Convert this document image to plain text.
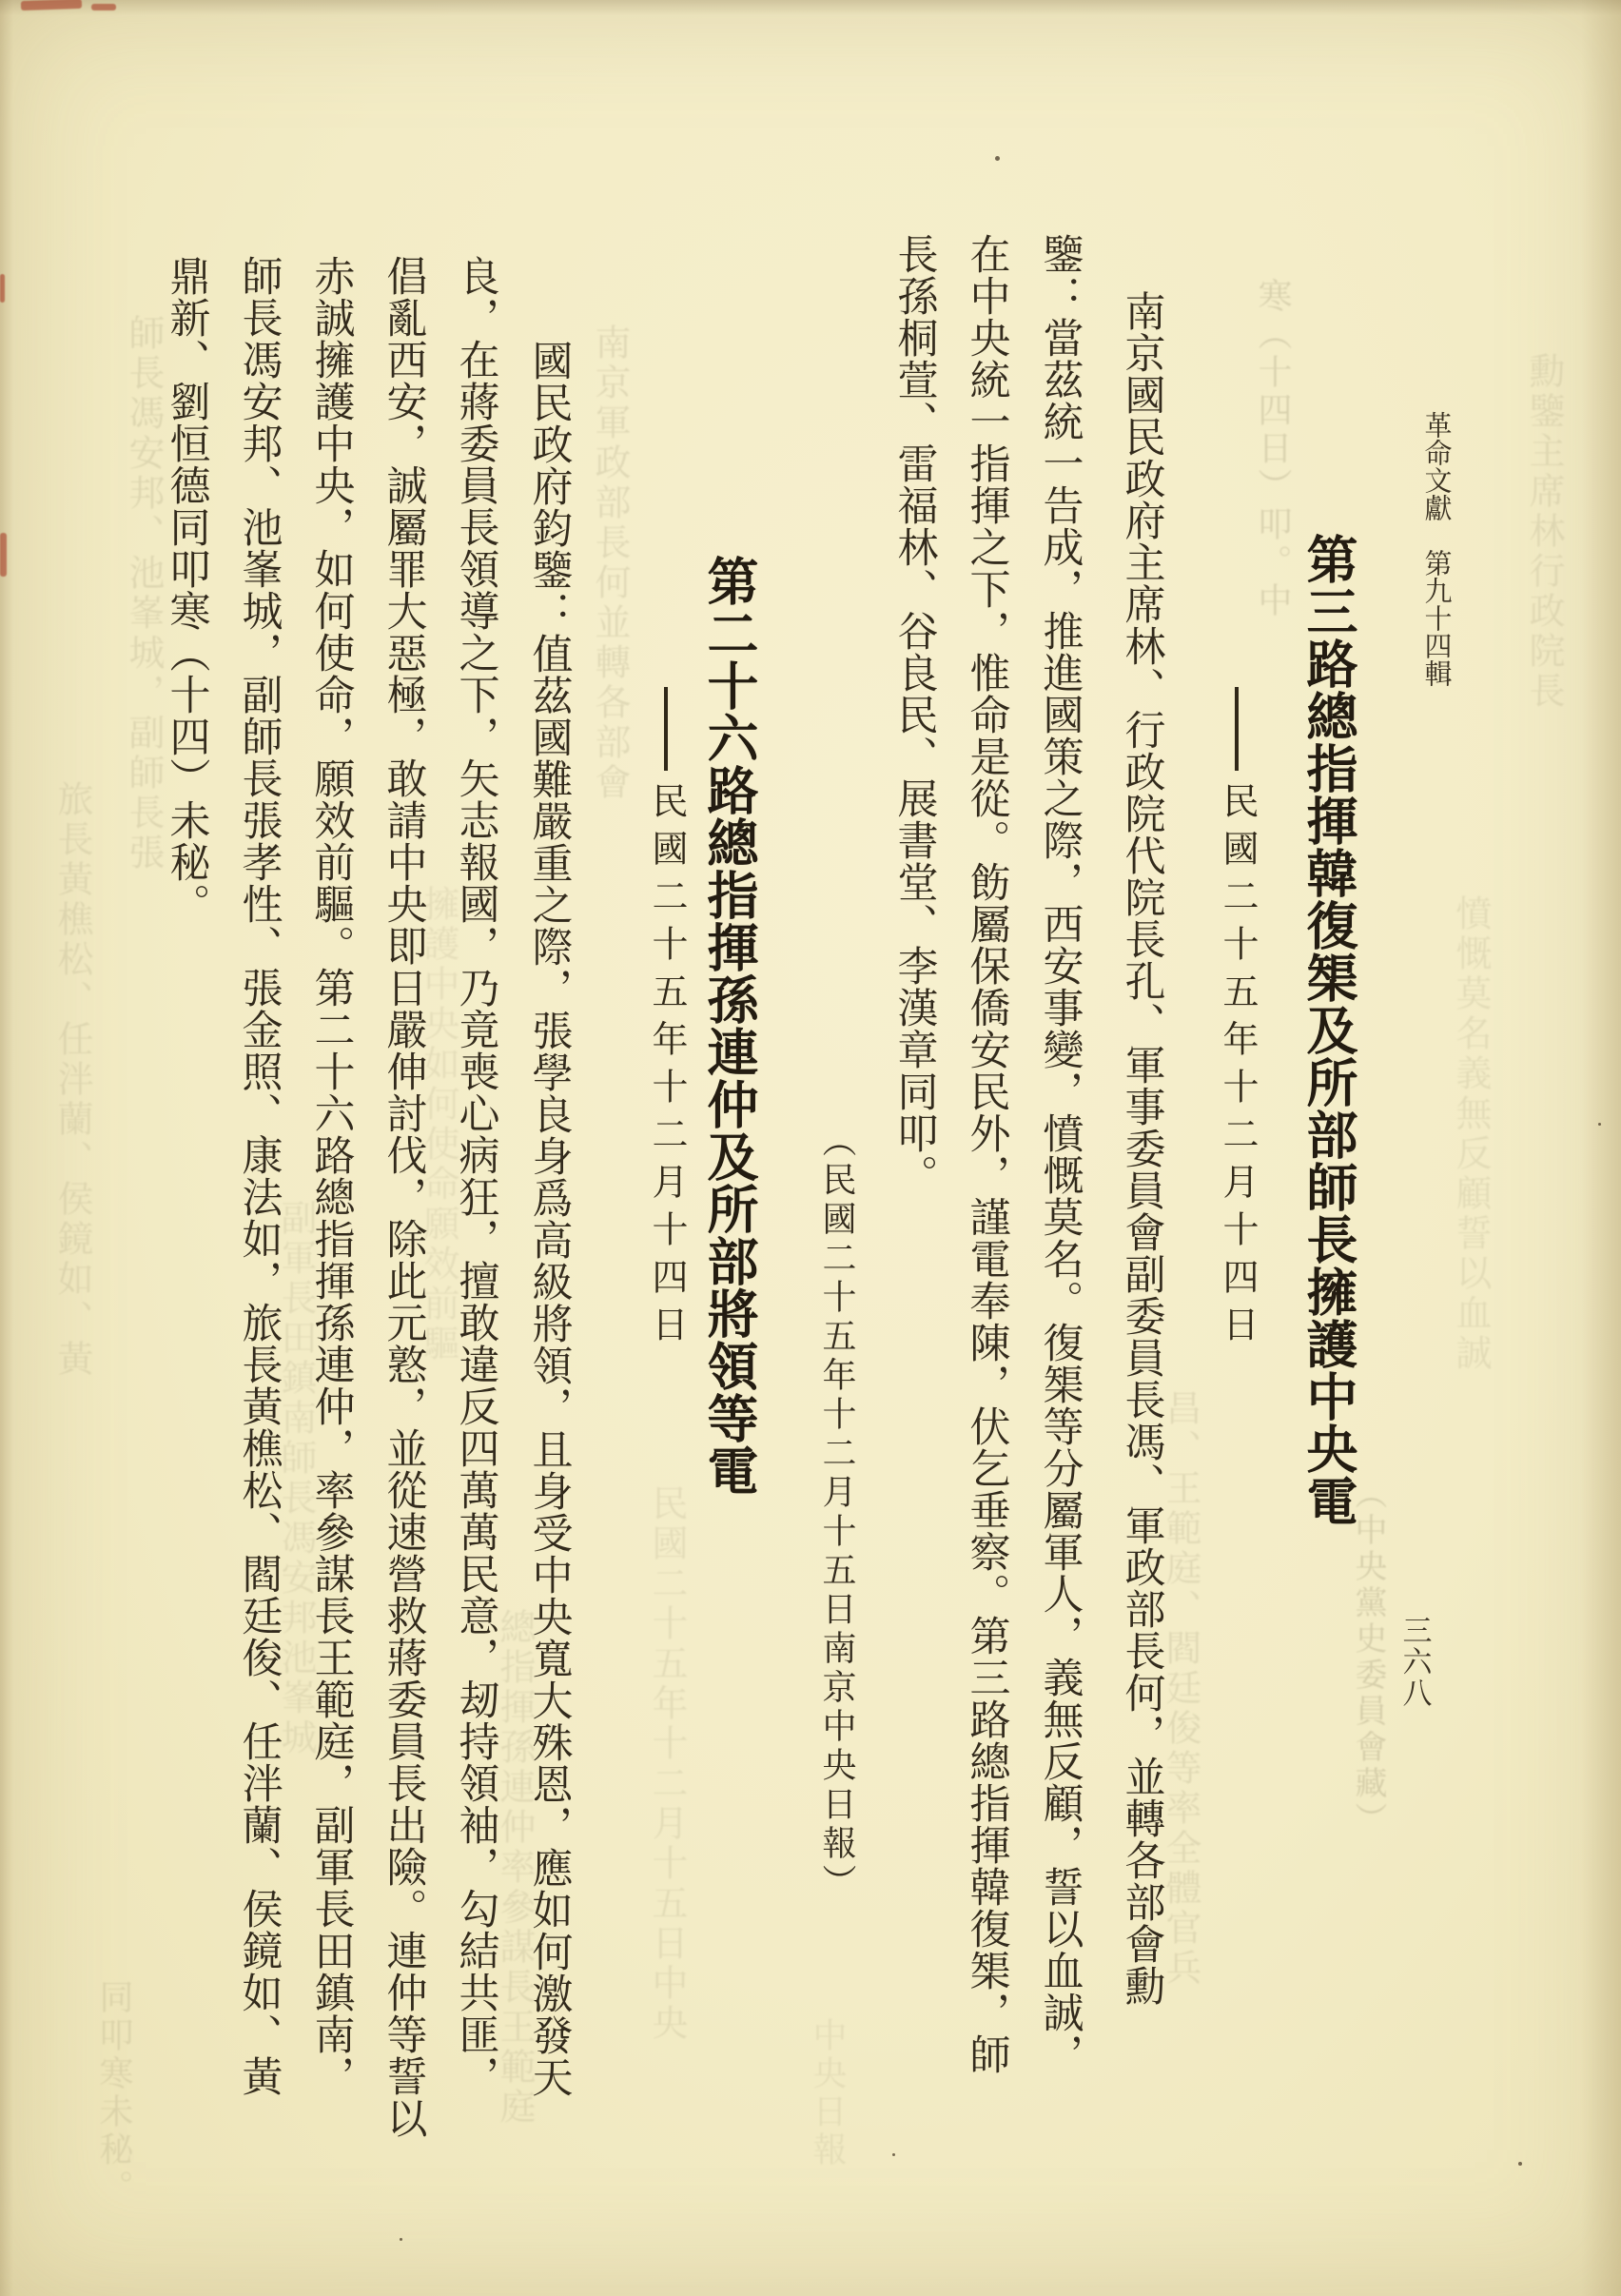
寒︵十四日︶叩。中
︵中央黨史委員會藏︶
勳鑒主席林行政院長
憤慨莫名義無反顧誓以血誠
昌、王範庭、閻廷俊等率全體官兵
南京軍政部長何並轉各部會
民國二十五年十二月十五日中央
總指揮孫連仲率參謀長王範庭
擁護中央如何使命願效前驅
副軍長田鎮南師長馮安邦池峯城
師長馮安邦、池峯城，副師長張
旅長黃樵松、任泮蘭、侯鏡如、黃
同叩寒未秘。	中央日報
革命文獻　第九十四輯
三六八
第三路總指揮韓復榘及所部師長擁護中央電
民國二十五年十二月十四日
南京國民政府主席林、行政院代院長孔、軍事委員會副委員長馮、軍政部長何，並轉各部會勳
鑒：當茲統一告成，推進國策之際，西安事變，憤慨莫名。復榘等分屬軍人，義無反顧，誓以血誠，
在中央統一指揮之下，惟命是從。飭屬保僑安民外，謹電奉陳，伏乞垂察。第三路總指揮韓復榘，師
長孫桐萱、雷福林、谷良民、展書堂、李漢章同叩。
︵民國二十五年十二月十五日南京中央日報︶
第二十六路總指揮孫連仲及所部將領等電
民國二十五年十二月十四日
國民政府鈞鑒：值茲國難嚴重之際，張學良身爲高級將領，且身受中央寬大殊恩，應如何激發天
良，在蔣委員長領導之下，矢志報國，乃竟喪心病狂，擅敢違反四萬萬民意，刼持領袖，勾結共匪，
倡亂西安，誠屬罪大惡極，敢請中央即日嚴伸討伐，除此元憝，並從速營救蔣委員長出險。連仲等誓以
赤誠擁護中央，如何使命，願效前驅。第二十六路總指揮孫連仲，率參謀長王範庭，副軍長田鎮南，
師長馮安邦、池峯城，副師長張孝性、張金照、康法如，旅長黃樵松、閻廷俊、任泮蘭、侯鏡如、黃
鼎新、劉恒德同叩寒︵十四︶未秘。
